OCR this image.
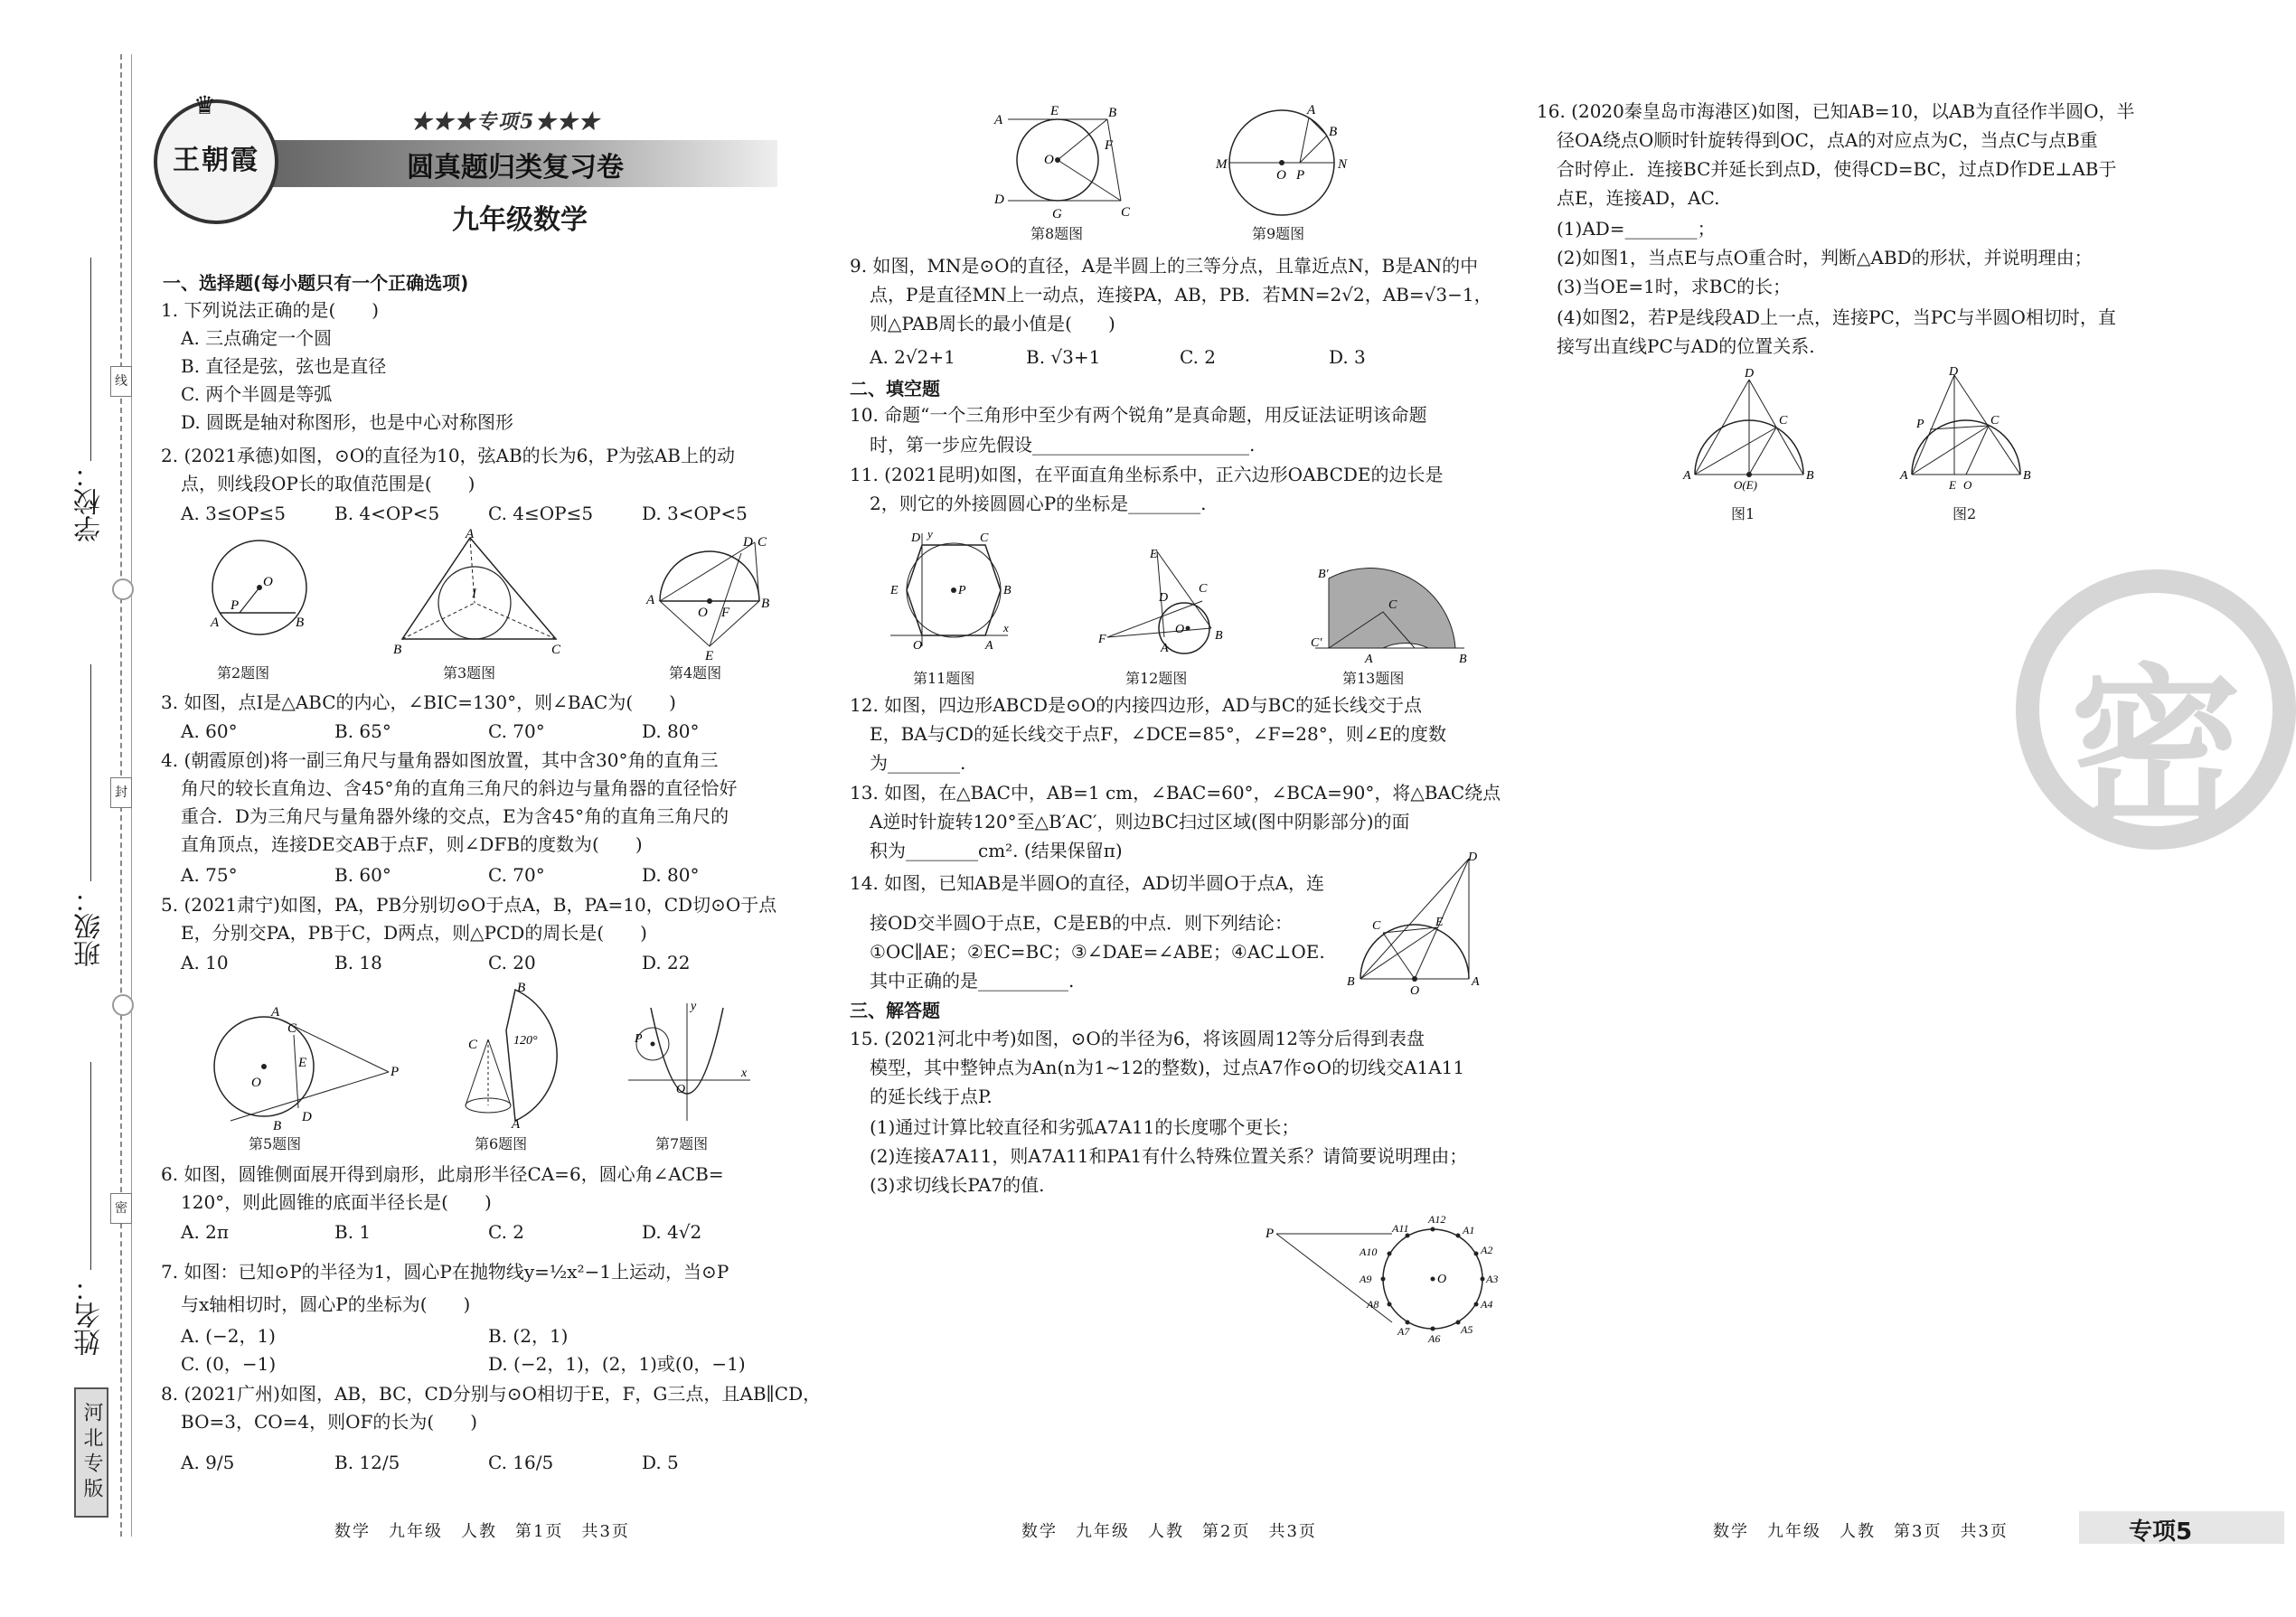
线
封
密
学校：
班级：
姓名：
河北专版
♛
王朝霞
★★★专项5★★★
圆真题归类复习卷
九年级数学
一、选择题(每小题只有一个正确选项)
1. 下列说法正确的是(　　)
A. 三点确定一个圆
B. 直径是弦，弦也是直径
C. 两个半圆是等弧
D. 圆既是轴对称图形，也是中心对称图形
2. (2021承德)如图，⊙O的直径为10，弦AB的长为6，P为弦AB上的动
点，则线段OP长的取值范围是(　　)
A. 3≤OP≤5	B. 4<OP<5	C. 4≤OP≤5	D. 3<OP<5
O
P
A	B
第2题图
A
I
B	C
第3题图
A	B
D C
O F
E
第4题图
3. 如图，点I是△ABC的内心，∠BIC=130°，则∠BAC为(　　)
A. 60°	B. 65°	C. 70°	D. 80°
4. (朝霞原创)将一副三角尺与量角器如图放置，其中含30°角的直角三
角尺的较长直角边、含45°角的直角三角尺的斜边与量角器的直径恰好
重合．D为三角尺与量角器外缘的交点，E为含45°角的直角三角尺的
直角顶点，连接DE交AB于点F，则∠DFB的度数为(　　)
A. 75°	B. 60°	C. 70°	D. 80°
5. (2021肃宁)如图，PA，PB分别切⊙O于点A，B，PA=10，CD切⊙O于点
E，分别交PA，PB于C，D两点，则△PCD的周长是(　　)
A. 10	B. 18	C. 20	D. 22
O
A
C
E
D
B
P
第5题图
120°
B
C
A
第6题图
P
y
x
O
第7题图
6. 如图，圆锥侧面展开得到扇形，此扇形半径CA=6，圆心角∠ACB=
120°，则此圆锥的底面半径长是(　　)
A. 2π	B. 1	C. 2	D. 4√2
7. 如图：已知⊙P的半径为1，圆心P在抛物线y=½x²−1上运动，当⊙P
与x轴相切时，圆心P的坐标为(　　)
A. (−2，1)	B. (2，1)
C. (0，−1)	D. (−2，1)，(2，1)或(0，−1)
8. (2021广州)如图，AB，BC，CD分别与⊙O相切于E，F，G三点，且AB∥CD，
BO=3，CO=4，则OF的长为(　　)
A. 9/5	B. 12/5	C. 16/5	D. 5
数学　九年级　人教　第1页　共3页
A
E	B
F
O
D
G	C
第8题图
M	N
O P
A
B
第9题图
9. 如图，MN是⊙O的直径，A是半圆上的三等分点，且靠近点N，B是AN的中
点，P是直径MN上一动点，连接PA，AB，PB．若MN=2√2，AB=√3−1，
则△PAB周长的最小值是(　　)
A. 2√2+1	B. √3+1	C. 2	D. 3
二、填空题
10. 命题“一个三角形中至少有两个锐角”是真命题，用反证法证明该命题
时，第一步应先假设________________________.
11. (2021昆明)如图，在平面直角坐标系中，正六边形OABCDE的边长是
2，则它的外接圆圆心P的坐标是________.
P
O	A
B
C
D
E
y
x
第11题图
E
D
C
O
F
A
B
第12题图
B′
C
C′
A	B
第13题图
12. 如图，四边形ABCD是⊙O的内接四边形，AD与BC的延长线交于点
E，BA与CD的延长线交于点F，∠DCE=85°，∠F=28°，则∠E的度数
为________.
13. 如图，在△BAC中，AB=1 cm，∠BAC=60°，∠BCA=90°，将△BAC绕点
A逆时针旋转120°至△B′AC′，则边BC扫过区域(图中阴影部分)的面
积为________cm². (结果保留π)
14. 如图，已知AB是半圆O的直径，AD切半圆O于点A，连
接OD交半圆O于点E，C是EB的中点．则下列结论：
①OC∥AE；②EC=BC；③∠DAE=∠ABE；④AC⊥OE.
其中正确的是__________.
D
E
C
B	A
O
三、解答题
15. (2021河北中考)如图，⊙O的半径为6，将该圆周12等分后得到表盘
模型，其中整钟点为An(n为1~12的整数)，过点A7作⊙O的切线交A1A11
的延长线于点P.
(1)通过计算比较直径和劣弧A7A11的长度哪个更长；
(2)连接A7A11，则A7A11和PA1有什么特殊位置关系？请简要说明理由；
(3)求切线长PA7的值.
P
O
A12
A1
A2
A3
A4
A5
A6
A7
A8
A9
A10
A11
数学　九年级　人教　第2页　共3页
16. (2020秦皇岛市海港区)如图，已知AB=10，以AB为直径作半圆O，半
径OA绕点O顺时针旋转得到OC，点A的对应点为C，当点C与点B重
合时停止．连接BC并延长到点D，使得CD=BC，过点D作DE⊥AB于
点E，连接AD，AC.
(1)AD=________；
(2)如图1，当点E与点O重合时，判断△ABD的形状，并说明理由；
(3)当OE=1时，求BC的长；
(4)如图2，若P是线段AD上一点，连接PC，当PC与半圆O相切时，直
接写出直线PC与AD的位置关系.
D
C
A	B
O(E)
图1
D
P	C
A	B
E O
图2
密
数学　九年级　人教　第3页　共3页	专项5
